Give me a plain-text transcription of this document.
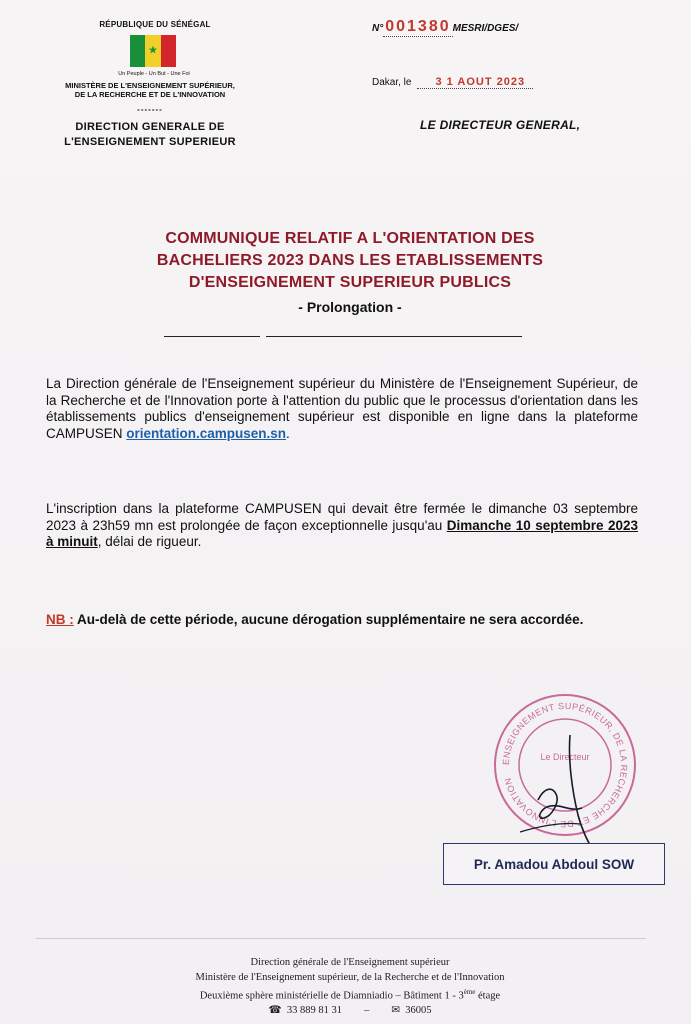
RÉPUBLIQUE DU SÉNÉGAL
★
Un Peuple - Un But - Une Foi
MINISTÈRE DE L'ENSEIGNEMENT SUPÉRIEUR,
DE LA RECHERCHE ET DE L'INNOVATION
-------
DIRECTION GENERALE DE
L'ENSEIGNEMENT SUPERIEUR
N° 001380 MESRI/DGES/
Dakar, le	3 1 AOUT 2023
LE DIRECTEUR GENERAL,
COMMUNIQUE RELATIF A L'ORIENTATION DES
BACHELIERS 2023 DANS LES ETABLISSEMENTS
D'ENSEIGNEMENT SUPERIEUR PUBLICS
- Prolongation -
La Direction générale de l'Enseignement supérieur du Ministère de l'Enseignement Supérieur, de la Recherche et de l'Innovation porte à l'attention du public que le processus d'orientation dans les établissements publics d'enseignement supérieur est disponible en ligne dans la plateforme CAMPUSEN orientation.campusen.sn.
L'inscription dans la plateforme CAMPUSEN qui devait être fermée le dimanche 03 septembre 2023 à 23h59 mn est prolongée de façon exceptionnelle jusqu'au Dimanche 10 septembre 2023 à minuit, délai de rigueur.
NB : Au-delà de cette période, aucune dérogation supplémentaire ne sera accordée.
ENSEIGNEMENT SUPÉRIEUR, DE LA RECHERCHE ET DE L'INNOVATION
Le Directeur
Pr. Amadou Abdoul SOW
Direction générale de l'Enseignement supérieur
Ministère de l'Enseignement supérieur, de la Recherche et de l'Innovation
Deuxième sphère ministérielle de Diamniadio – Bâtiment 1 - 3ème étage
☎ 33 889 81 31 – ✉ 36005
